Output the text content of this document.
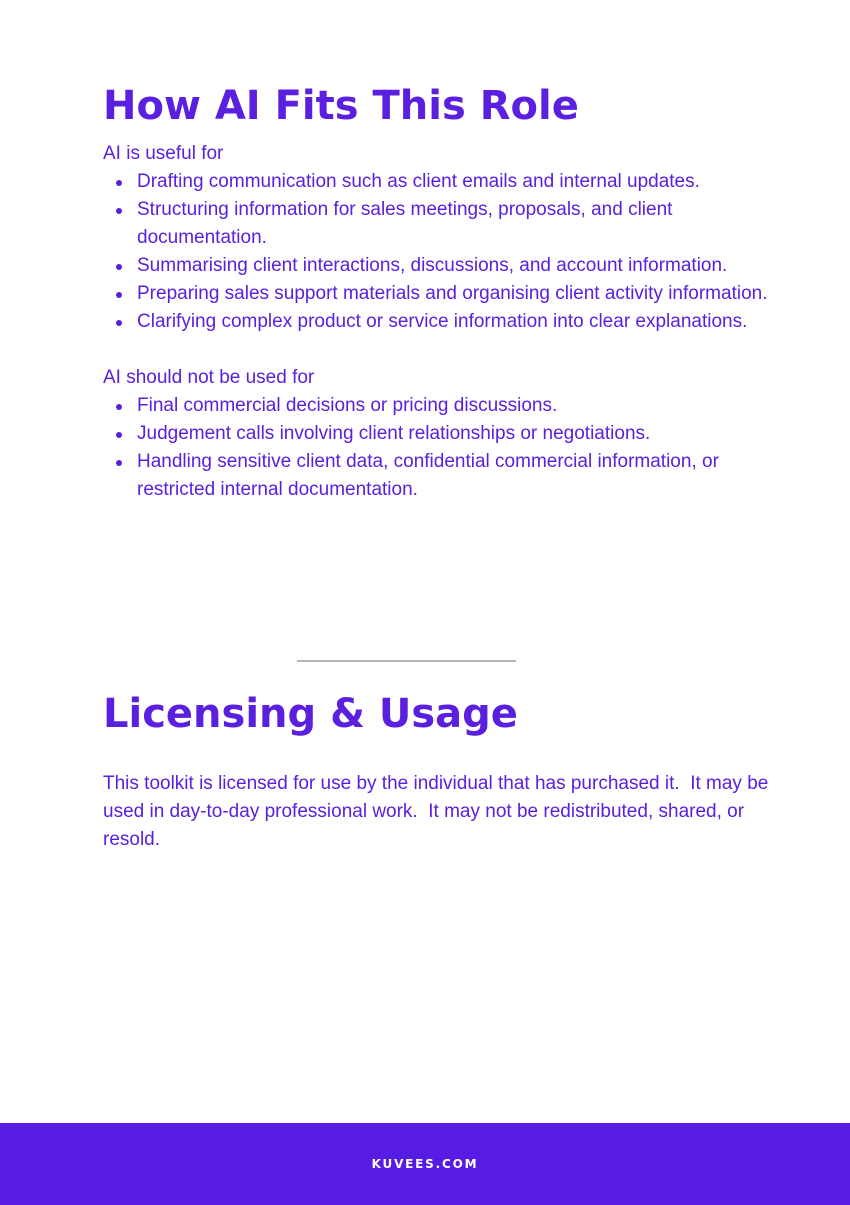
How AI Fits This Role
AI is useful for
Drafting communication such as client emails and internal updates.
Structuring information for sales meetings, proposals, and client documentation.
Summarising client interactions, discussions, and account information.
Preparing sales support materials and organising client activity information.
Clarifying complex product or service information into clear explanations.
AI should not be used for
Final commercial decisions or pricing discussions.
Judgement calls involving client relationships or negotiations.
Handling sensitive client data, confidential commercial information, or restricted internal documentation.
Licensing & Usage

This toolkit is licensed for use by the individual that has purchased it.  It may be used in day-to-day professional work.  It may not be redistributed, shared, or resold.

KUVEES.COM
